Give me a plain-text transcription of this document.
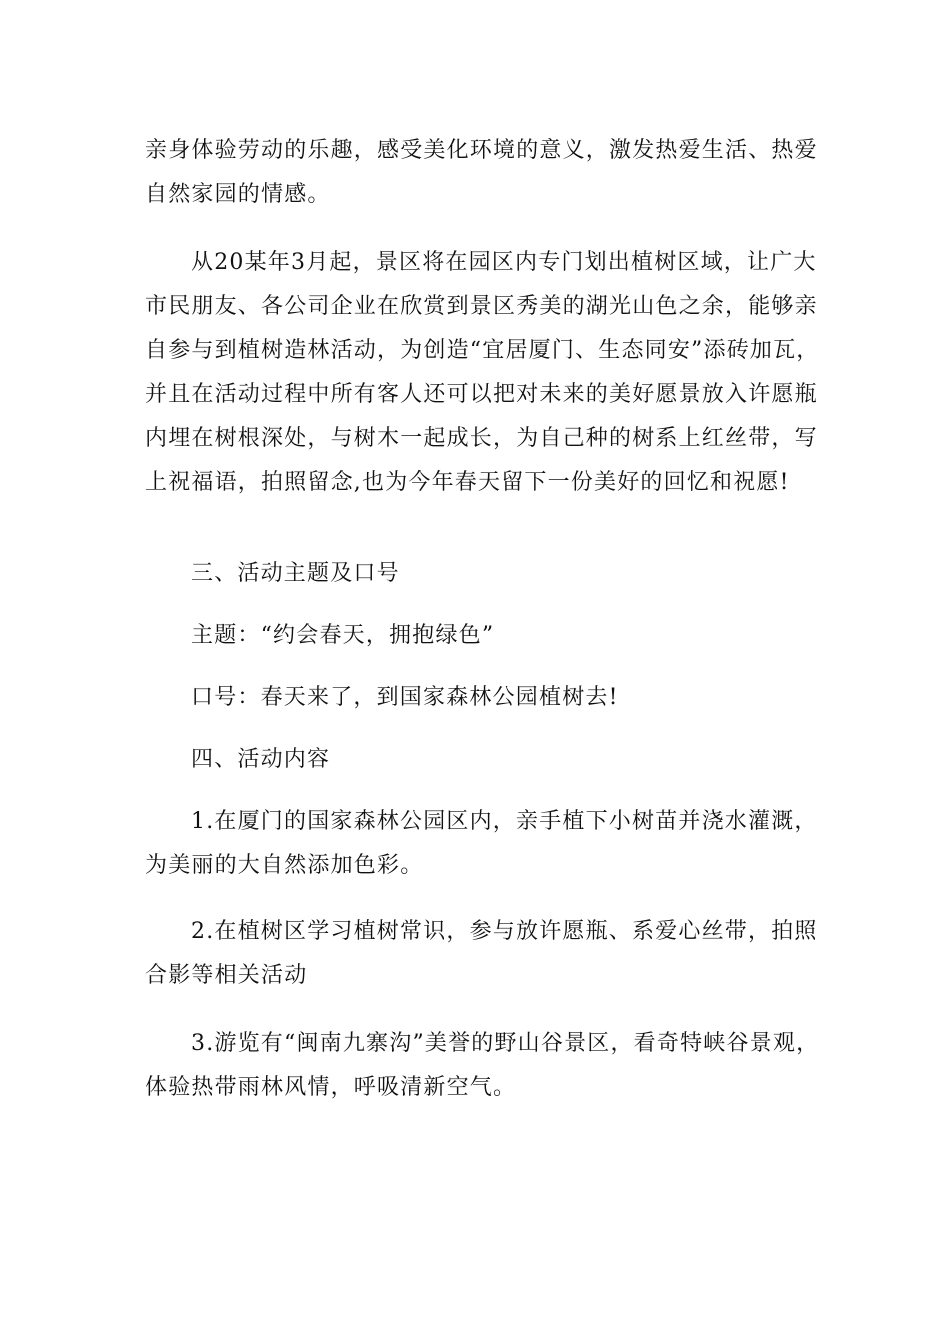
亲身体验劳动的乐趣，感受美化环境的意义，激发热爱生活、热爱
自然家园的情感。

从20某年3月起，景区将在园区内专门划出植树区域，让广大
市民朋友、各公司企业在欣赏到景区秀美的湖光山色之余，能够亲
自参与到植树造林活动，为创造“宜居厦门、生态同安”添砖加瓦，
并且在活动过程中所有客人还可以把对未来的美好愿景放入许愿瓶
内埋在树根深处，与树木一起成长，为自己种的树系上红丝带，写
上祝福语，拍照留念,也为今年春天留下一份美好的回忆和祝愿!

三、活动主题及口号

主题：“约会春天，拥抱绿色”

口号：春天来了，到国家森林公园植树去!

四、活动内容

1.在厦门的国家森林公园区内，亲手植下小树苗并浇水灌溉，
为美丽的大自然添加色彩。

2.在植树区学习植树常识，参与放许愿瓶、系爱心丝带，拍照
合影等相关活动

3.游览有“闽南九寨沟”美誉的野山谷景区，看奇特峡谷景观，
体验热带雨林风情，呼吸清新空气。
